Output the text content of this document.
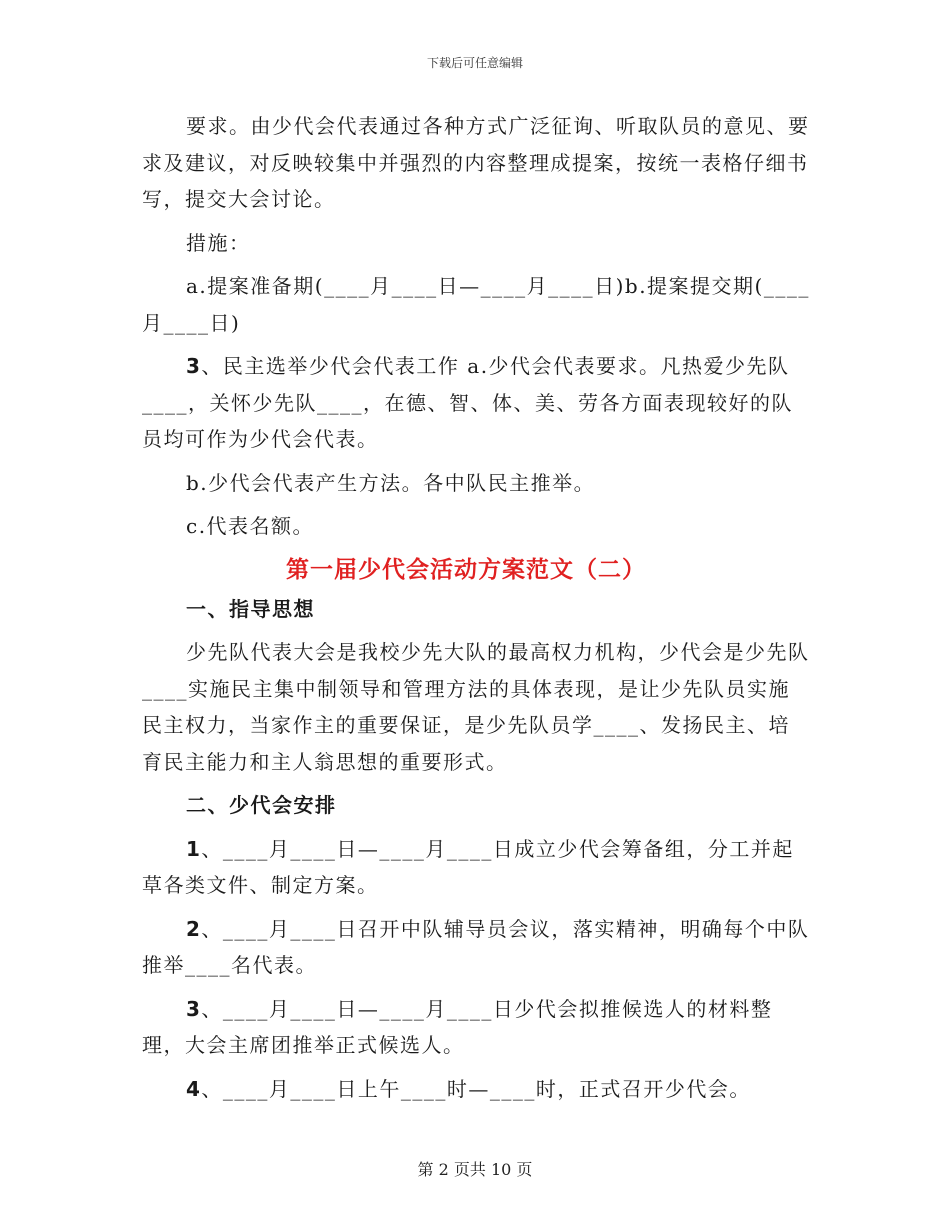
下载后可任意编辑

要求。由少代会代表通过各种方式广泛征询、听取队员的意见、要求及建议，对反映较集中并强烈的内容整理成提案，按统一表格仔细书写，提交大会讨论。

措施：

a.提案准备期(____月____日—____月____日)b.提案提交期(____月____日)

3、民主选举少代会代表工作 a.少代会代表要求。凡热爱少先队____，关怀少先队____，在德、智、体、美、劳各方面表现较好的队员均可作为少代会代表。

b.少代会代表产生方法。各中队民主推举。

c.代表名额。

第一届少代会活动方案范文（二）

一、指导思想

少先队代表大会是我校少先大队的最高权力机构，少代会是少先队____实施民主集中制领导和管理方法的具体表现，是让少先队员实施民主权力，当家作主的重要保证，是少先队员学____、发扬民主、培育民主能力和主人翁思想的重要形式。

二、少代会安排

1、____月____日—____月____日成立少代会筹备组，分工并起草各类文件、制定方案。

2、____月____日召开中队辅导员会议，落实精神，明确每个中队推举____名代表。

3、____月____日—____月____日少代会拟推候选人的材料整理，大会主席团推举正式候选人。

4、____月____日上午____时—____时，正式召开少代会。

第 2 页共 10 页
